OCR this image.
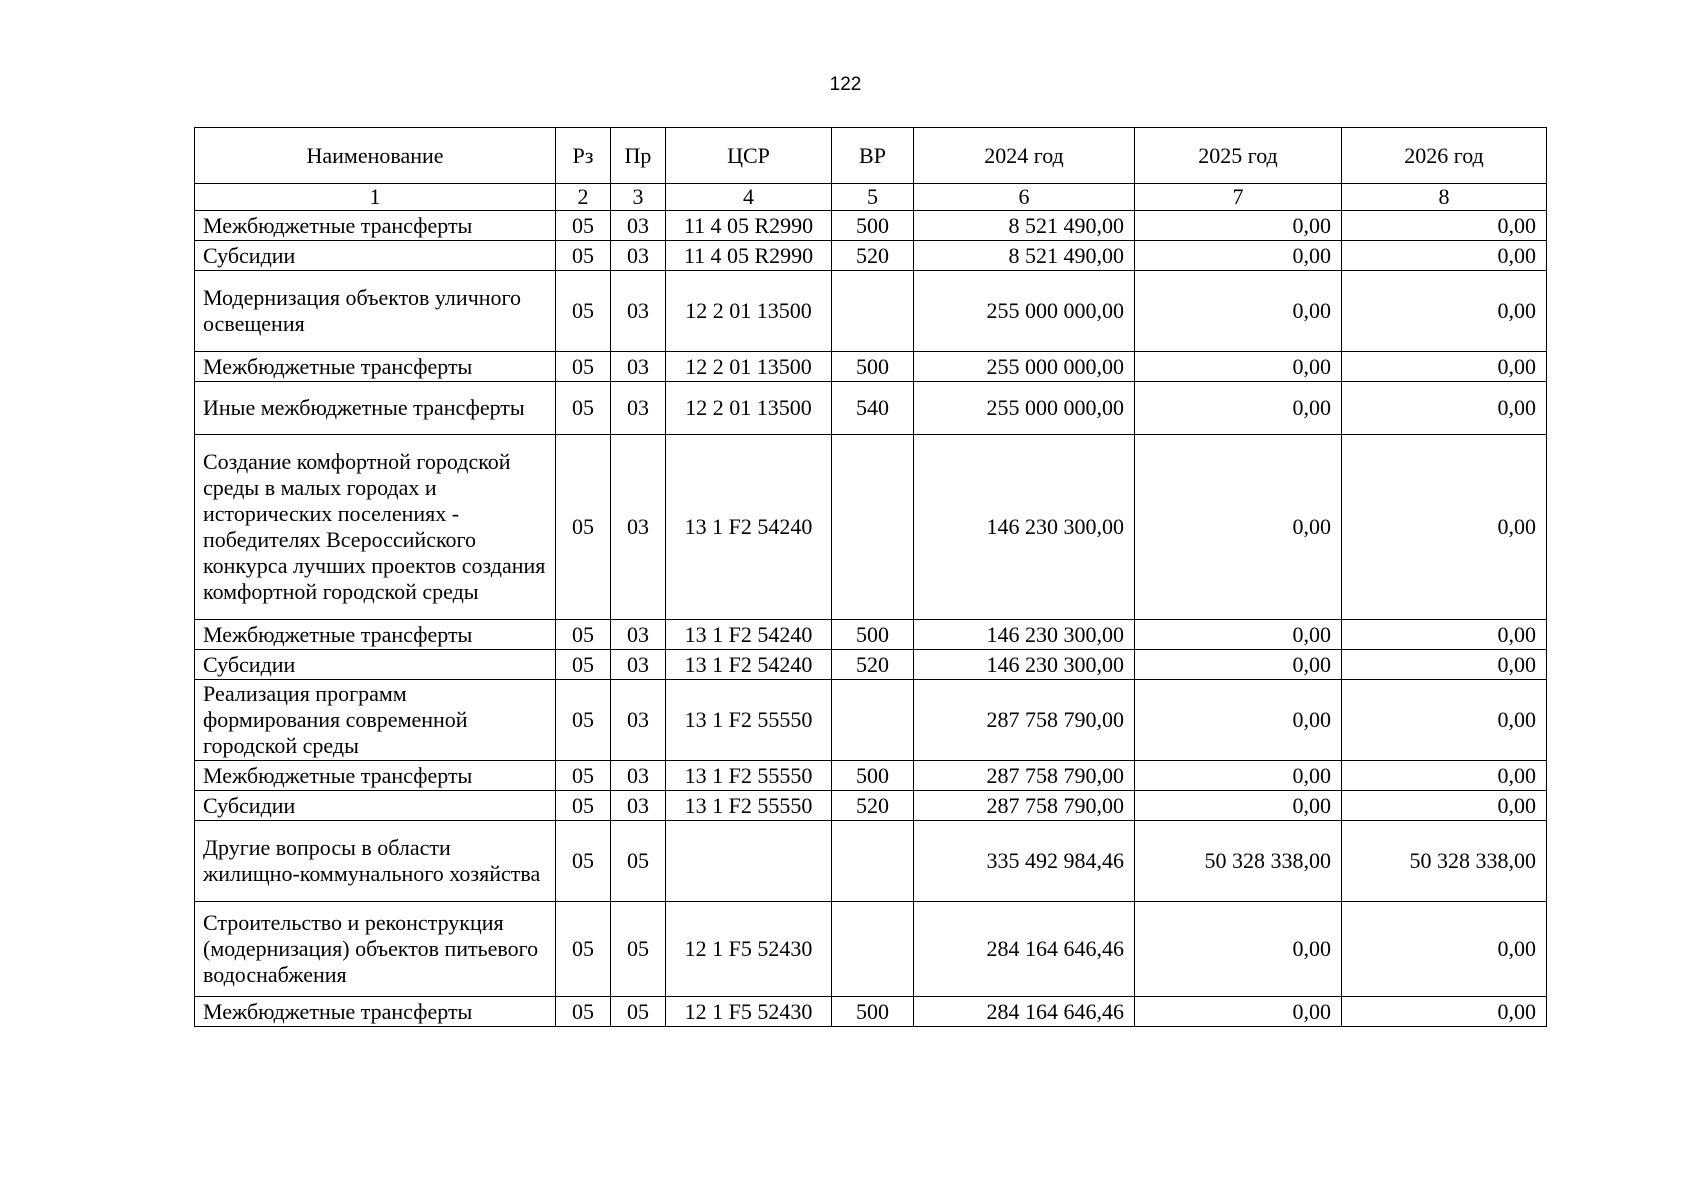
122
Наименование	Рз	Пр	ЦСР	ВР	2024 год	2025 год	2026 год
1	2	3	4	5	6	7	8
Межбюджетные трансферты	05	03	11 4 05 R2990	500	8 521 490,00	0,00	0,00
Субсидии	05	03	11 4 05 R2990	520	8 521 490,00	0,00	0,00
Модернизация объектов уличного освещения	05	03	12 2 01 13500		255 000 000,00	0,00	0,00
Межбюджетные трансферты	05	03	12 2 01 13500	500	255 000 000,00	0,00	0,00
Иные межбюджетные трансферты	05	03	12 2 01 13500	540	255 000 000,00	0,00	0,00
Создание комфортной городской среды в малых городах и исторических поселениях - победителях Всероссийского конкурса лучших проектов создания комфортной городской среды	05	03	13 1 F2 54240		146 230 300,00	0,00	0,00
Межбюджетные трансферты	05	03	13 1 F2 54240	500	146 230 300,00	0,00	0,00
Субсидии	05	03	13 1 F2 54240	520	146 230 300,00	0,00	0,00
Реализация программ формирования современной городской среды	05	03	13 1 F2 55550		287 758 790,00	0,00	0,00
Межбюджетные трансферты	05	03	13 1 F2 55550	500	287 758 790,00	0,00	0,00
Субсидии	05	03	13 1 F2 55550	520	287 758 790,00	0,00	0,00
Другие вопросы в области жилищно-коммунального хозяйства	05	05			335 492 984,46	50 328 338,00	50 328 338,00
Строительство и реконструкция (модернизация) объектов питьевого водоснабжения	05	05	12 1 F5 52430		284 164 646,46	0,00	0,00
Межбюджетные трансферты	05	05	12 1 F5 52430	500	284 164 646,46	0,00	0,00
